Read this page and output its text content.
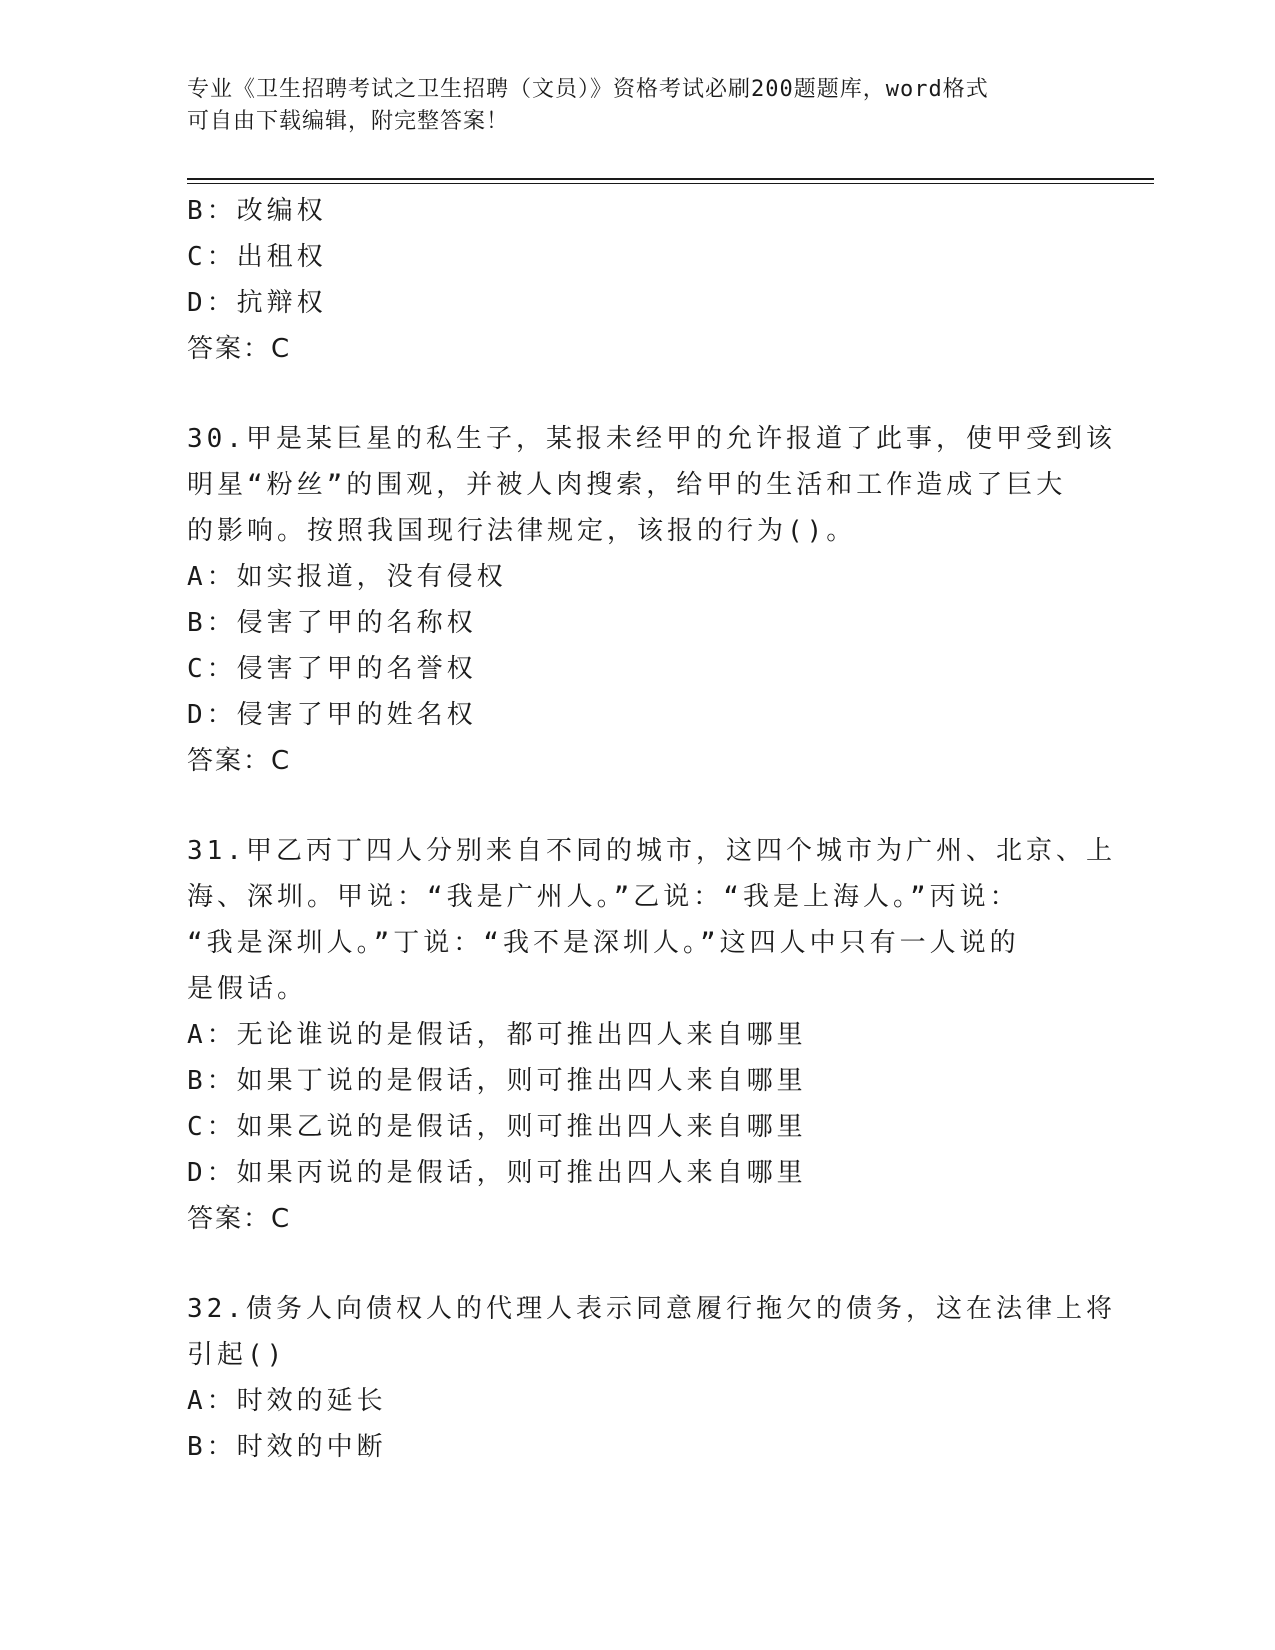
专业《卫生招聘考试之卫生招聘（文员）》资格考试必刷200题题库，word格式
可自由下载编辑，附完整答案！
B：改编权
C：出租权
D：抗辩权
答案：C
30.甲是某巨星的私生子，某报未经甲的允许报道了此事，使甲受到该
明星“粉丝”的围观，并被人肉搜索，给甲的生活和工作造成了巨大
的影响。按照我国现行法律规定，该报的行为()。
A：如实报道，没有侵权
B：侵害了甲的名称权
C：侵害了甲的名誉权
D：侵害了甲的姓名权
答案：C
31.甲乙丙丁四人分别来自不同的城市，这四个城市为广州、北京、上
海、深圳。甲说：“我是广州人。”乙说：“我是上海人。”丙说：
“我是深圳人。”丁说：“我不是深圳人。”这四人中只有一人说的
是假话。
A：无论谁说的是假话，都可推出四人来自哪里
B：如果丁说的是假话，则可推出四人来自哪里
C：如果乙说的是假话，则可推出四人来自哪里
D：如果丙说的是假话，则可推出四人来自哪里
答案：C
32.债务人向债权人的代理人表示同意履行拖欠的债务，这在法律上将
引起()
A：时效的延长
B：时效的中断
